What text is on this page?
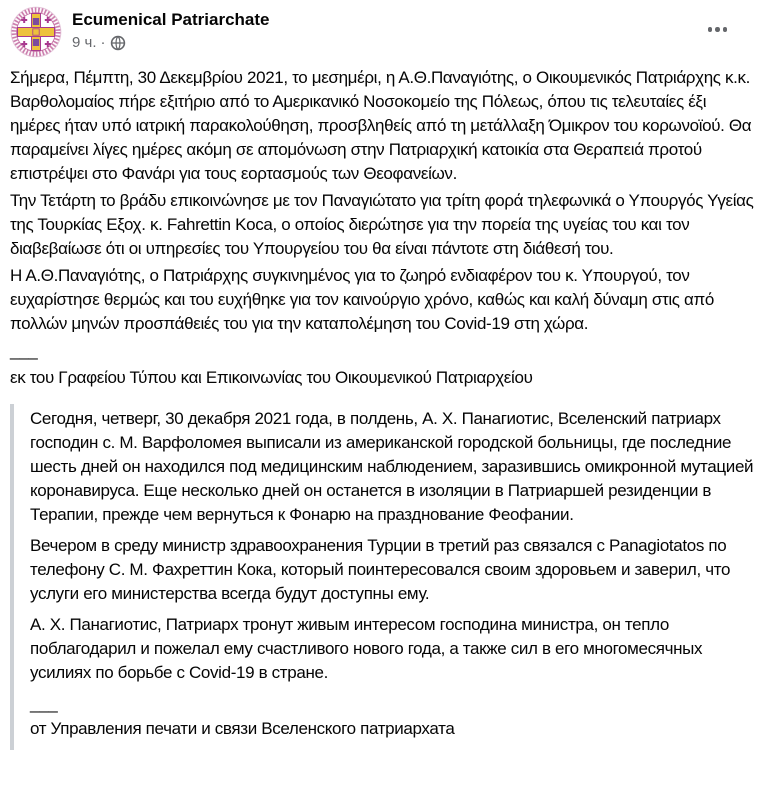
Ecumenical Patriarchate
9 ч. ·

Σήμερα, Πέμπτη, 30 Δεκεμβρίου 2021, το μεσημέρι, η Α.Θ.Παναγιότης, ο Οικουμενικός Πατριάρχης κ.κ. Βαρθολομαίος πήρε εξιτήριο από το Αμερικανικό Νοσοκομείο της Πόλεως, όπου τις τελευταίες έξι ημέρες ήταν υπό ιατρική παρακολούθηση, προσβληθείς από τη μετάλλαξη Όμικρον του κορωνοϊού. Θα παραμείνει λίγες ημέρες ακόμη σε απομόνωση στην Πατριαρχική κατοικία στα Θεραπειά προτού επιστρέψει στο Φανάρι για τους εορτασμούς των Θεοφανείων.

Την Τετάρτη το βράδυ επικοινώνησε με τον Παναγιώτατο για τρίτη φορά τηλεφωνικά ο Υπουργός Υγείας της Τουρκίας Εξοχ. κ. Fahrettin Koca, ο οποίος διερώτησε για την πορεία της υγείας του και τον διαβεβαίωσε ότι οι υπηρεσίες του Υπουργείου του θα είναι πάντοτε στη διάθεσή του.

Η Α.Θ.Παναγιότης, ο Πατριάρχης συγκινημένος για το ζωηρό ενδιαφέρον του κ. Υπουργού, τον ευχαρίστησε θερμώς και του ευχήθηκε για τον καινούργιο χρόνο, καθώς και καλή δύναμη στις από πολλών μηνών προσπάθειές του για την καταπολέμηση του Covid-19 στη χώρα.

___

εκ του Γραφείου Τύπου και Επικοινωνίας του Οικουμενικού Πατριαρχείου

Сегодня, четверг, 30 декабря 2021 года, в полдень, А. Х. Панагиотис, Вселенский патриарх господин с. М. Варфоломея выписали из американской городской больницы, где последние шесть дней он находился под медицинским наблюдением, заразившись омикронной мутацией коронавируса. Еще несколько дней он останется в изоляции в Патриаршей резиденции в Терапии, прежде чем вернуться к Фонарю на празднование Феофании.

Вечером в среду министр здравоохранения Турции в третий раз связался с Panagiotatos по телефону С. М. Фахреттин Кока, который поинтересовался своим здоровьем и заверил, что услуги его министерства всегда будут доступны ему.

А. Х. Панагиотис, Патриарх тронут живым интересом господина министра, он тепло поблагодарил и пожелал ему счастливого нового года, а также сил в его многомесячных усилиях по борьбе с Covid-19 в стране.

___

от Управления печати и связи Вселенского патриархата
